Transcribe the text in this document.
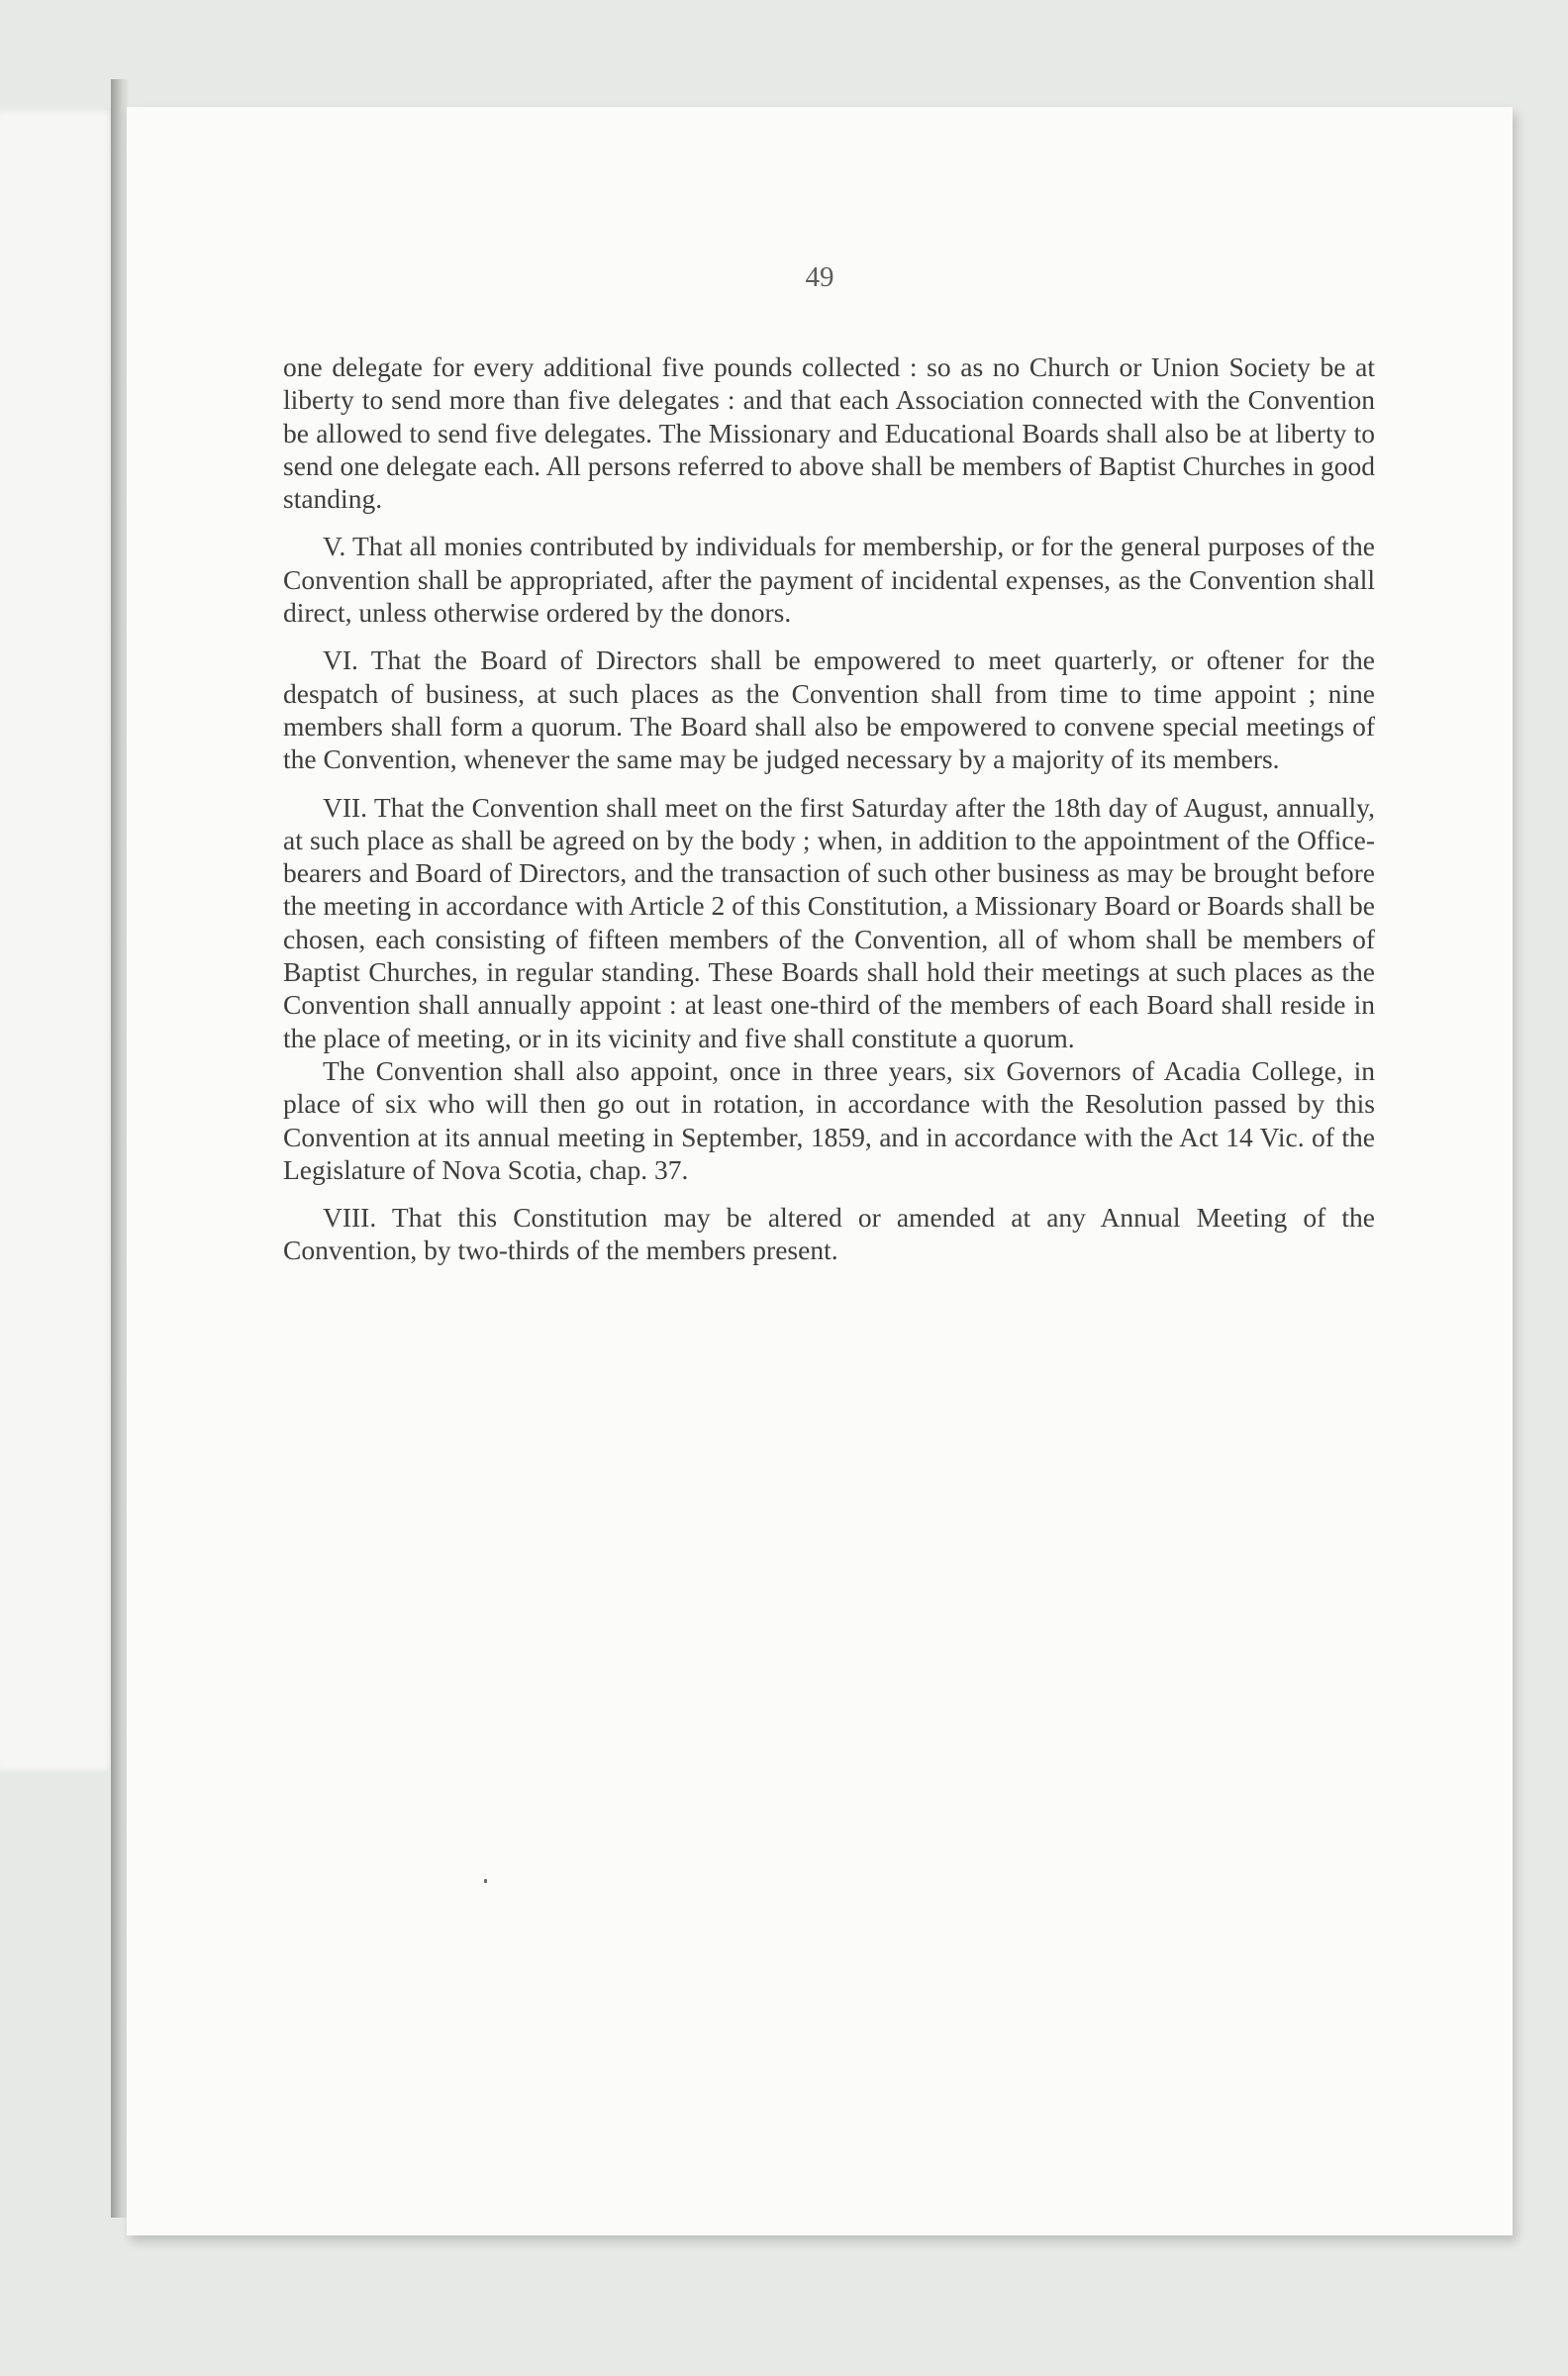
49

one delegate for every additional five pounds collected : so as no Church or Union Society be at liberty to send more than five delegates : and that each Association connected with the Convention be allowed to send five delegates. The Missionary and Educational Boards shall also be at liberty to send one delegate each. All persons referred to above shall be members of Baptist Churches in good standing.

V. That all monies contributed by individuals for membership, or for the general purposes of the Convention shall be appropriated, after the payment of incidental expenses, as the Convention shall direct, unless otherwise ordered by the donors.

VI. That the Board of Directors shall be empowered to meet quarterly, or oftener for the despatch of business, at such places as the Convention shall from time to time appoint ; nine members shall form a quorum. The Board shall also be empowered to convene special meetings of the Convention, whenever the same may be judged necessary by a majority of its members.

VII. That the Convention shall meet on the first Saturday after the 18th day of August, annually, at such place as shall be agreed on by the body ; when, in addition to the appointment of the Office-bearers and Board of Directors, and the transaction of such other business as may be brought before the meeting in accordance with Article 2 of this Constitution, a Missionary Board or Boards shall be chosen, each consisting of fifteen members of the Convention, all of whom shall be members of Baptist Churches, in regular standing. These Boards shall hold their meetings at such places as the Convention shall annually appoint : at least one-third of the members of each Board shall reside in the place of meeting, or in its vicinity and five shall constitute a quorum.

The Convention shall also appoint, once in three years, six Governors of Acadia College, in place of six who will then go out in rotation, in accordance with the Resolution passed by this Convention at its annual meeting in September, 1859, and in accordance with the Act 14 Vic. of the Legislature of Nova Scotia, chap. 37.

VIII. That this Constitution may be altered or amended at any Annual Meeting of the Convention, by two-thirds of the members present.
